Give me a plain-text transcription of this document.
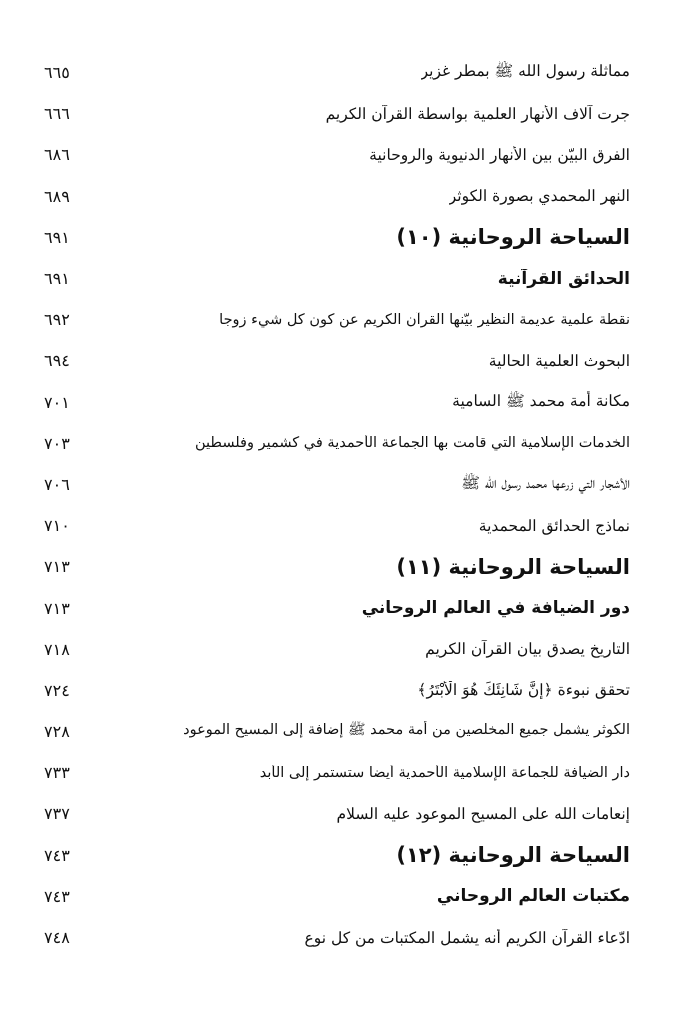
مماثلة رسول الله ﷺ بمطر غزير
٦٦٥
جرت آلاف الأنهار العلمية بواسطة القرآن الكريم
٦٦٦
الفرق البيّن بين الأنهار الدنيوية والروحانية
٦٨٦
النهر المحمدي بصورة الكوثر
٦٨٩
السياحة الروحانية (١٠)
٦٩١
الحدائق القرآنية
٦٩١
نقطة علمية عديمة النظير بيّنها القرآن الكريم عن كون كل شيء زوجا
٦٩٢
البحوث العلمية الحالية
٦٩٤
مكانة أمة محمد ﷺ السامية
٧٠١
الخدمات الإسلامية التي قامت بها الجماعة الأحمدية في كشمير وفلسطين
٧٠٣
الأشجار التي زرعها محمد رسول الله ﷺ
٧٠٦
نماذج الحدائق المحمدية
٧١٠
السياحة الروحانية (١١)
٧١٣
دور الضيافة في العالم الروحاني
٧١٣
التاريخ يصدق بيان القرآن الكريم
٧١٨
تحقق نبوءة ﴿إِنَّ شَانِئَكَ هُوَ الْأَبْتَرُ﴾
٧٢٤
الكوثر يشمل جميع المخلصين من أمة محمد ﷺ إضافة إلى المسيح الموعود
٧٢٨
دار الضيافة للجماعة الإسلامية الأحمدية أيضا ستستمر إلى الأبد
٧٣٣
إنعامات الله على المسيح الموعود عليه السلام
٧٣٧
السياحة الروحانية (١٢)
٧٤٣
مكتبات العالم الروحاني
٧٤٣
ادّعاء القرآن الكريم أنه يشمل المكتبات من كل نوع
٧٤٨
